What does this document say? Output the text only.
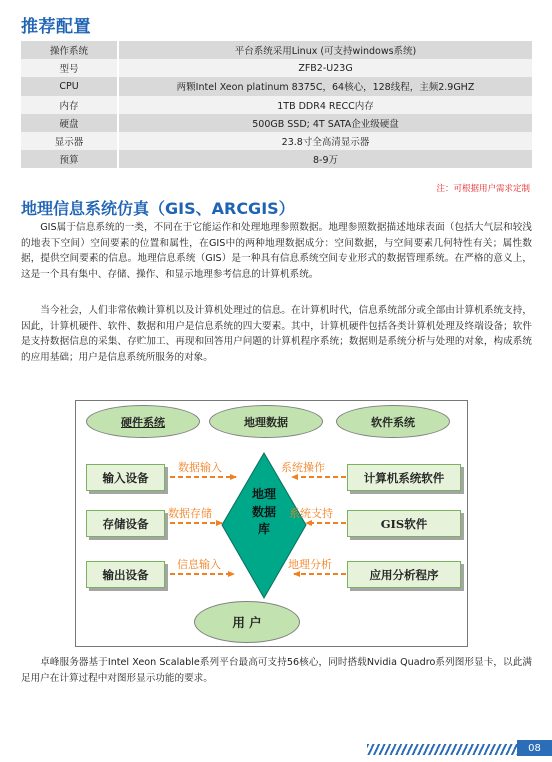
推荐配置
操作系统	平台系统采用Linux (可支持windows系统)
型号	ZFB2-U23G
CPU	两颗Intel Xeon platinum 8375C，64核心，128线程，主频2.9GHZ
内存	1TB DDR4 RECC内存
硬盘	500GB SSD; 4T SATA企业级硬盘
显示器	23.8寸全高清显示器
预算	8-9万
注：可根据用户需求定制
地理信息系统仿真（GIS、ARCGIS）

GIS属于信息系统的一类，不同在于它能运作和处理地理参照数据。地理参照数据描述地球表面（包括大气层和较浅的地表下空间）空间要素的位置和属性，在GIS中的两种地理数据成分：空间数据，与空间要素几何特性有关；属性数据，提供空间要素的信息。地理信息系统（GIS）是一种具有信息系统空间专业形式的数据管理系统。在严格的意义上，这是一个具有集中、存储、操作、和显示地理参考信息的计算机系统。

当今社会，人们非常依赖计算机以及计算机处理过的信息。在计算机时代，信息系统部分或全部由计算机系统支持，因此，计算机硬件、软件、数据和用户是信息系统的四大要素。其中，计算机硬件包括各类计算机处理及终端设备；软件是支持数据信息的采集、存贮加工、再现和回答用户问题的计算机程序系统；数据则是系统分析与处理的对象，构成系统的应用基础；用户是信息系统所服务的对象。

硬件系统	地理数据	软件系统
输入设备
存储设备
输出设备
计算机系统软件
GIS软件
应用分析程序
数据输入
数据存储
信息输入
系统操作
系统支持
地理分析
地理数据库
用 户

卓峰服务器基于Intel Xeon Scalable系列平台最高可支持56核心，同时搭载Nvidia Quadro系列图形显卡，以此满足用户在计算过程中对图形显示功能的要求。

08
